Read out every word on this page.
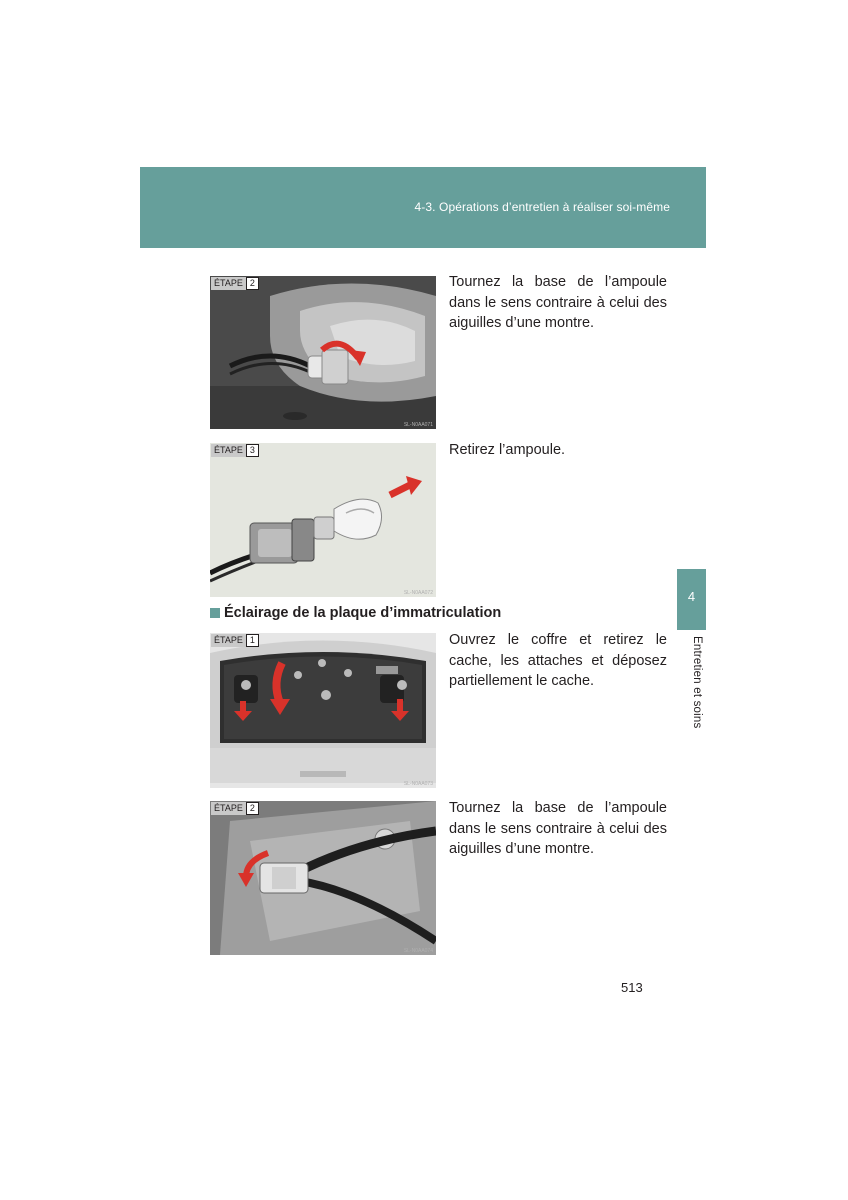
4-3. Opérations d’entretien à réaliser soi-même
4
Entretien et soins
ÉTAPE 2
SL-N0AA071
Tournez la base de l’ampoule dans le sens contraire à celui des aiguilles d’une montre.
ÉTAPE 3
SL-N0AA072
Retirez l’ampoule.
Éclairage de la plaque d’immatriculation
ÉTAPE 1
SL-N0AA073
Ouvrez le coffre et retirez le cache, les attaches et déposez partiellement le cache.
ÉTAPE 2
SL-N0AA074
Tournez la base de l’ampoule dans le sens contraire à celui des aiguilles d’une montre.
513
